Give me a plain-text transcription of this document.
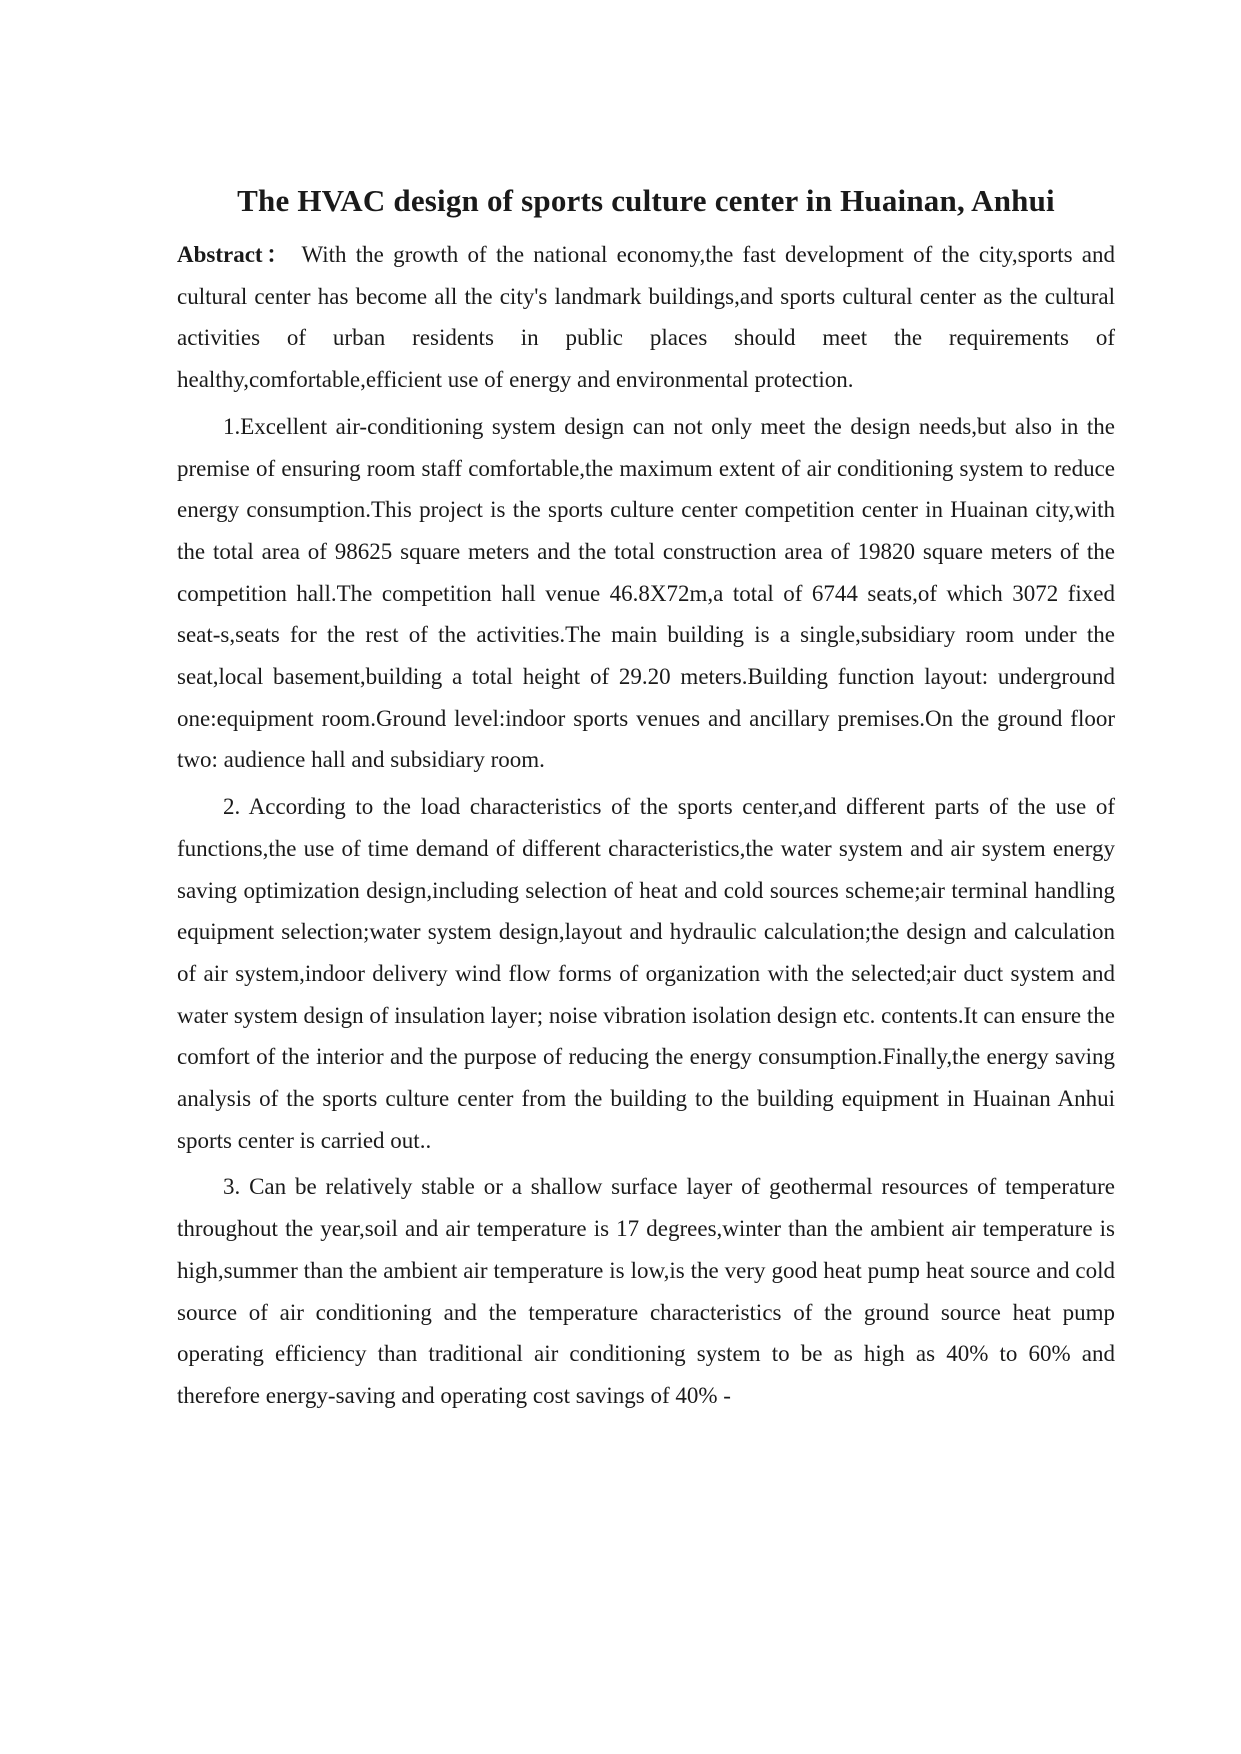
The HVAC design of sports culture center in Huainan, Anhui

Abstract： With the growth of the national economy,the fast development of the city,sports and cultural center has become all the city's landmark buildings,and sports cultural center as the cultural activities of urban residents in public places should meet the requirements of healthy,comfortable,efficient use of energy and environmental protection.

1.Excellent air-conditioning system design can not only meet the design needs,but also in the premise of ensuring room staff comfortable,the maximum extent of air conditioning system to reduce energy consumption.This project is the sports culture center competition center in Huainan city,with the total area of 98625 square meters and the total construction area of 19820 square meters of the competition hall.The competition hall venue 46.8X72m,a total of 6744 seats,of which 3072 fixed seat-s,seats for the rest of the activities.The main building is a single,subsidiary room under the seat,local basement,building a total height of 29.20 meters.Building function layout: underground one:equipment room.Ground level:indoor sports venues and ancillary premises.On the ground floor two: audience hall and subsidiary room.

2. According to the load characteristics of the sports center,and different parts of the use of functions,the use of time demand of different characteristics,the water system and air system energy saving optimization design,including selection of heat and cold sources scheme;air terminal handling equipment selection;water system design,layout and hydraulic calculation;the design and calculation of air system,indoor delivery wind flow forms of organization with the selected;air duct system and water system design of insulation layer; noise vibration isolation design etc. contents.It can ensure the comfort of the interior and the purpose of reducing the energy consumption.Finally,the energy saving analysis of the sports culture center from the building to the building equipment in Huainan Anhui sports center is carried out..

3. Can be relatively stable or a shallow surface layer of geothermal resources of temperature throughout the year,soil and air temperature is 17 degrees,winter than the ambient air temperature is high,summer than the ambient air temperature is low,is the very good heat pump heat source and cold source of air conditioning and the temperature characteristics of the ground source heat pump operating efficiency than traditional air conditioning system to be as high as 40% to 60% and therefore energy-saving and operating cost savings of 40% -
